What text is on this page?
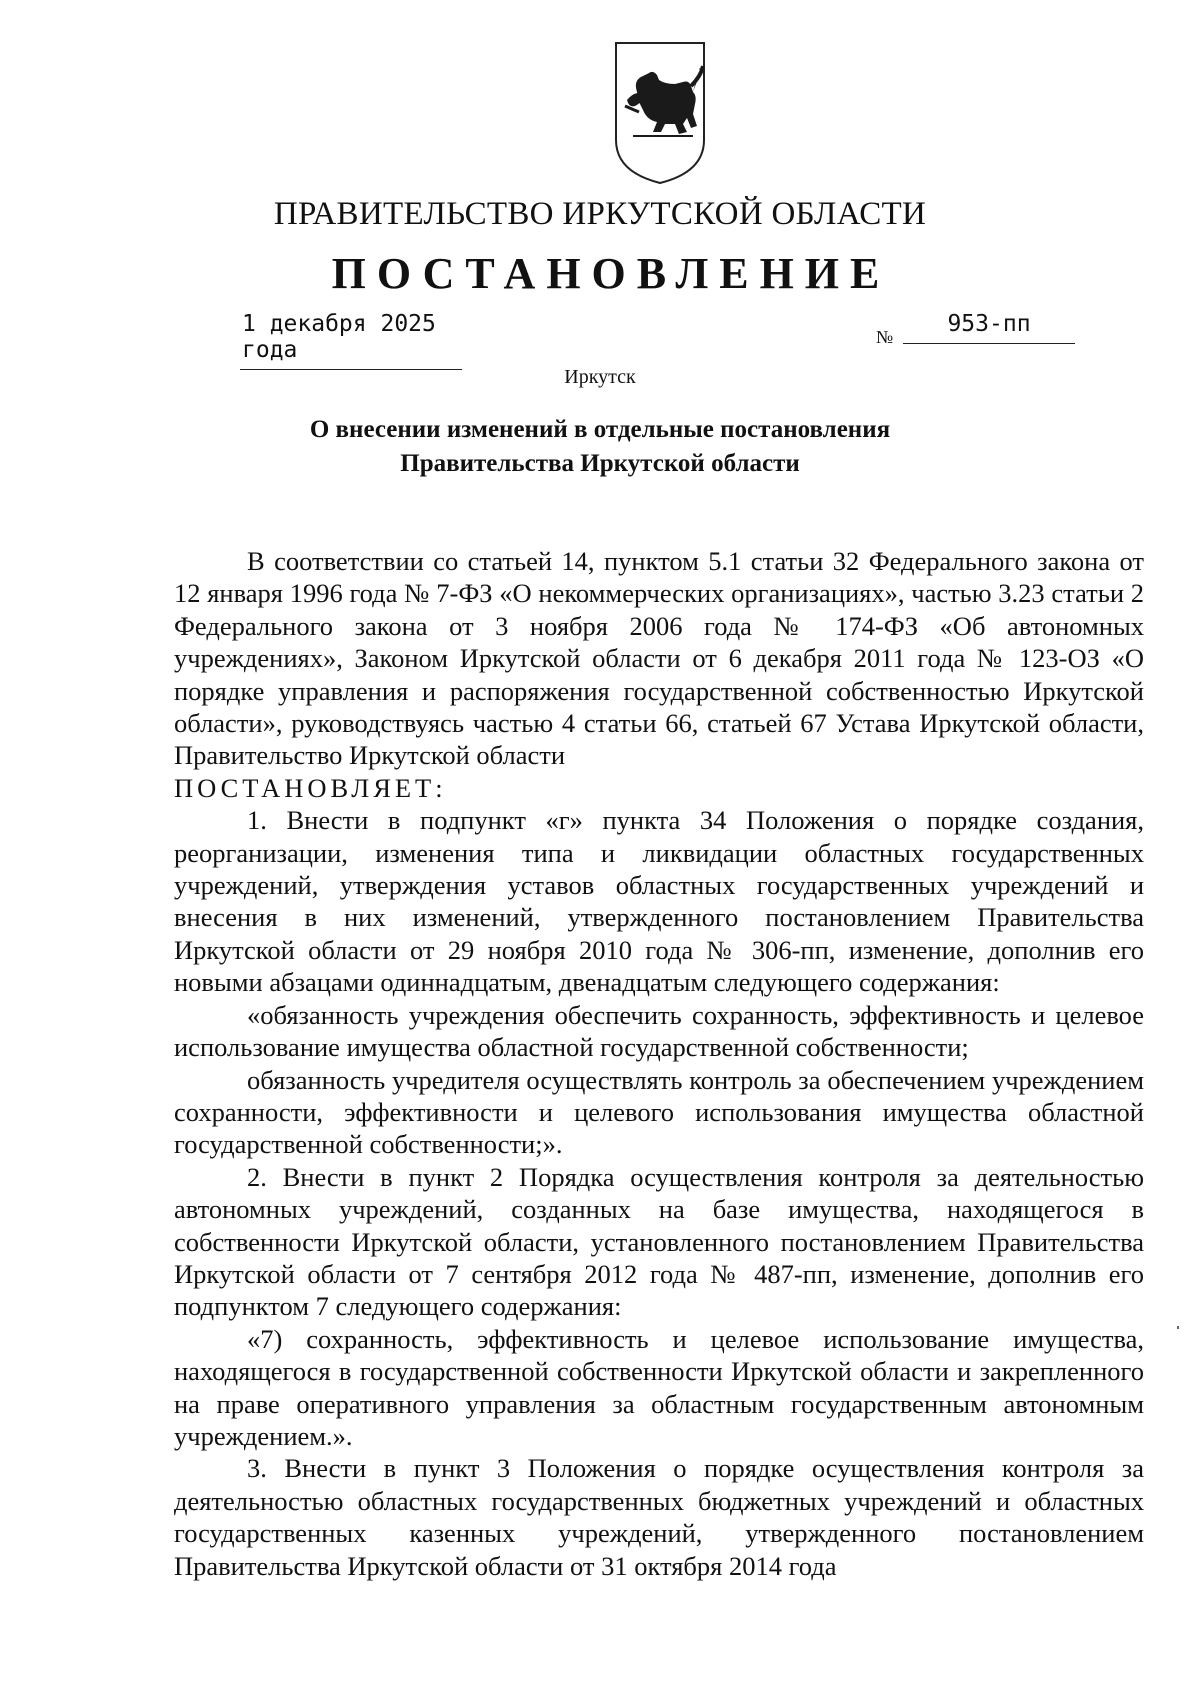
ПРАВИТЕЛЬСТВО ИРКУТСКОЙ ОБЛАСТИ
ПОСТАНОВЛЕНИЕ
1 декабря 2025 года	№	953-пп
Иркутск
О внесении изменений в отдельные постановления
Правительства Иркутской области

В соответствии со статьей 14, пунктом 5.1 статьи 32 Федерального закона от 12 января 1996 года № 7-ФЗ «О некоммерческих организациях», частью 3.23 статьи 2 Федерального закона от 3 ноября 2006 года № 174-ФЗ «Об автономных учреждениях», Законом Иркутской области от 6 декабря 2011 года № 123-ОЗ «О порядке управления и распоряжения государственной собственностью Иркутской области», руководствуясь частью 4 статьи 66, статьей 67 Устава Иркутской области, Правительство Иркутской области

ПОСТАНОВЛЯЕТ:

1. Внести в подпункт «г» пункта 34 Положения о порядке создания, реорганизации, изменения типа и ликвидации областных государственных учреждений, утверждения уставов областных государственных учреждений и внесения в них изменений, утвержденного постановлением Правительства Иркутской области от 29 ноября 2010 года № 306-пп, изменение, дополнив его новыми абзацами одиннадцатым, двенадцатым следующего содержания:

«обязанность учреждения обеспечить сохранность, эффективность и целевое использование имущества областной государственной собственности;

обязанность учредителя осуществлять контроль за обеспечением учреждением сохранности, эффективности и целевого использования имущества областной государственной собственности;».

2. Внести в пункт 2 Порядка осуществления контроля за деятельностью автономных учреждений, созданных на базе имущества, находящегося в собственности Иркутской области, установленного постановлением Правительства Иркутской области от 7 сентября 2012 года № 487-пп, изменение, дополнив его подпунктом 7 следующего содержания:

«7) сохранность, эффективность и целевое использование имущества, находящегося в государственной собственности Иркутской области и закрепленного на праве оперативного управления за областным государственным автономным учреждением.».

3. Внести в пункт 3 Положения о порядке осуществления контроля за деятельностью областных государственных бюджетных учреждений и областных государственных казенных учреждений, утвержденного постановлением Правительства Иркутской области от 31 октября 2014 года
